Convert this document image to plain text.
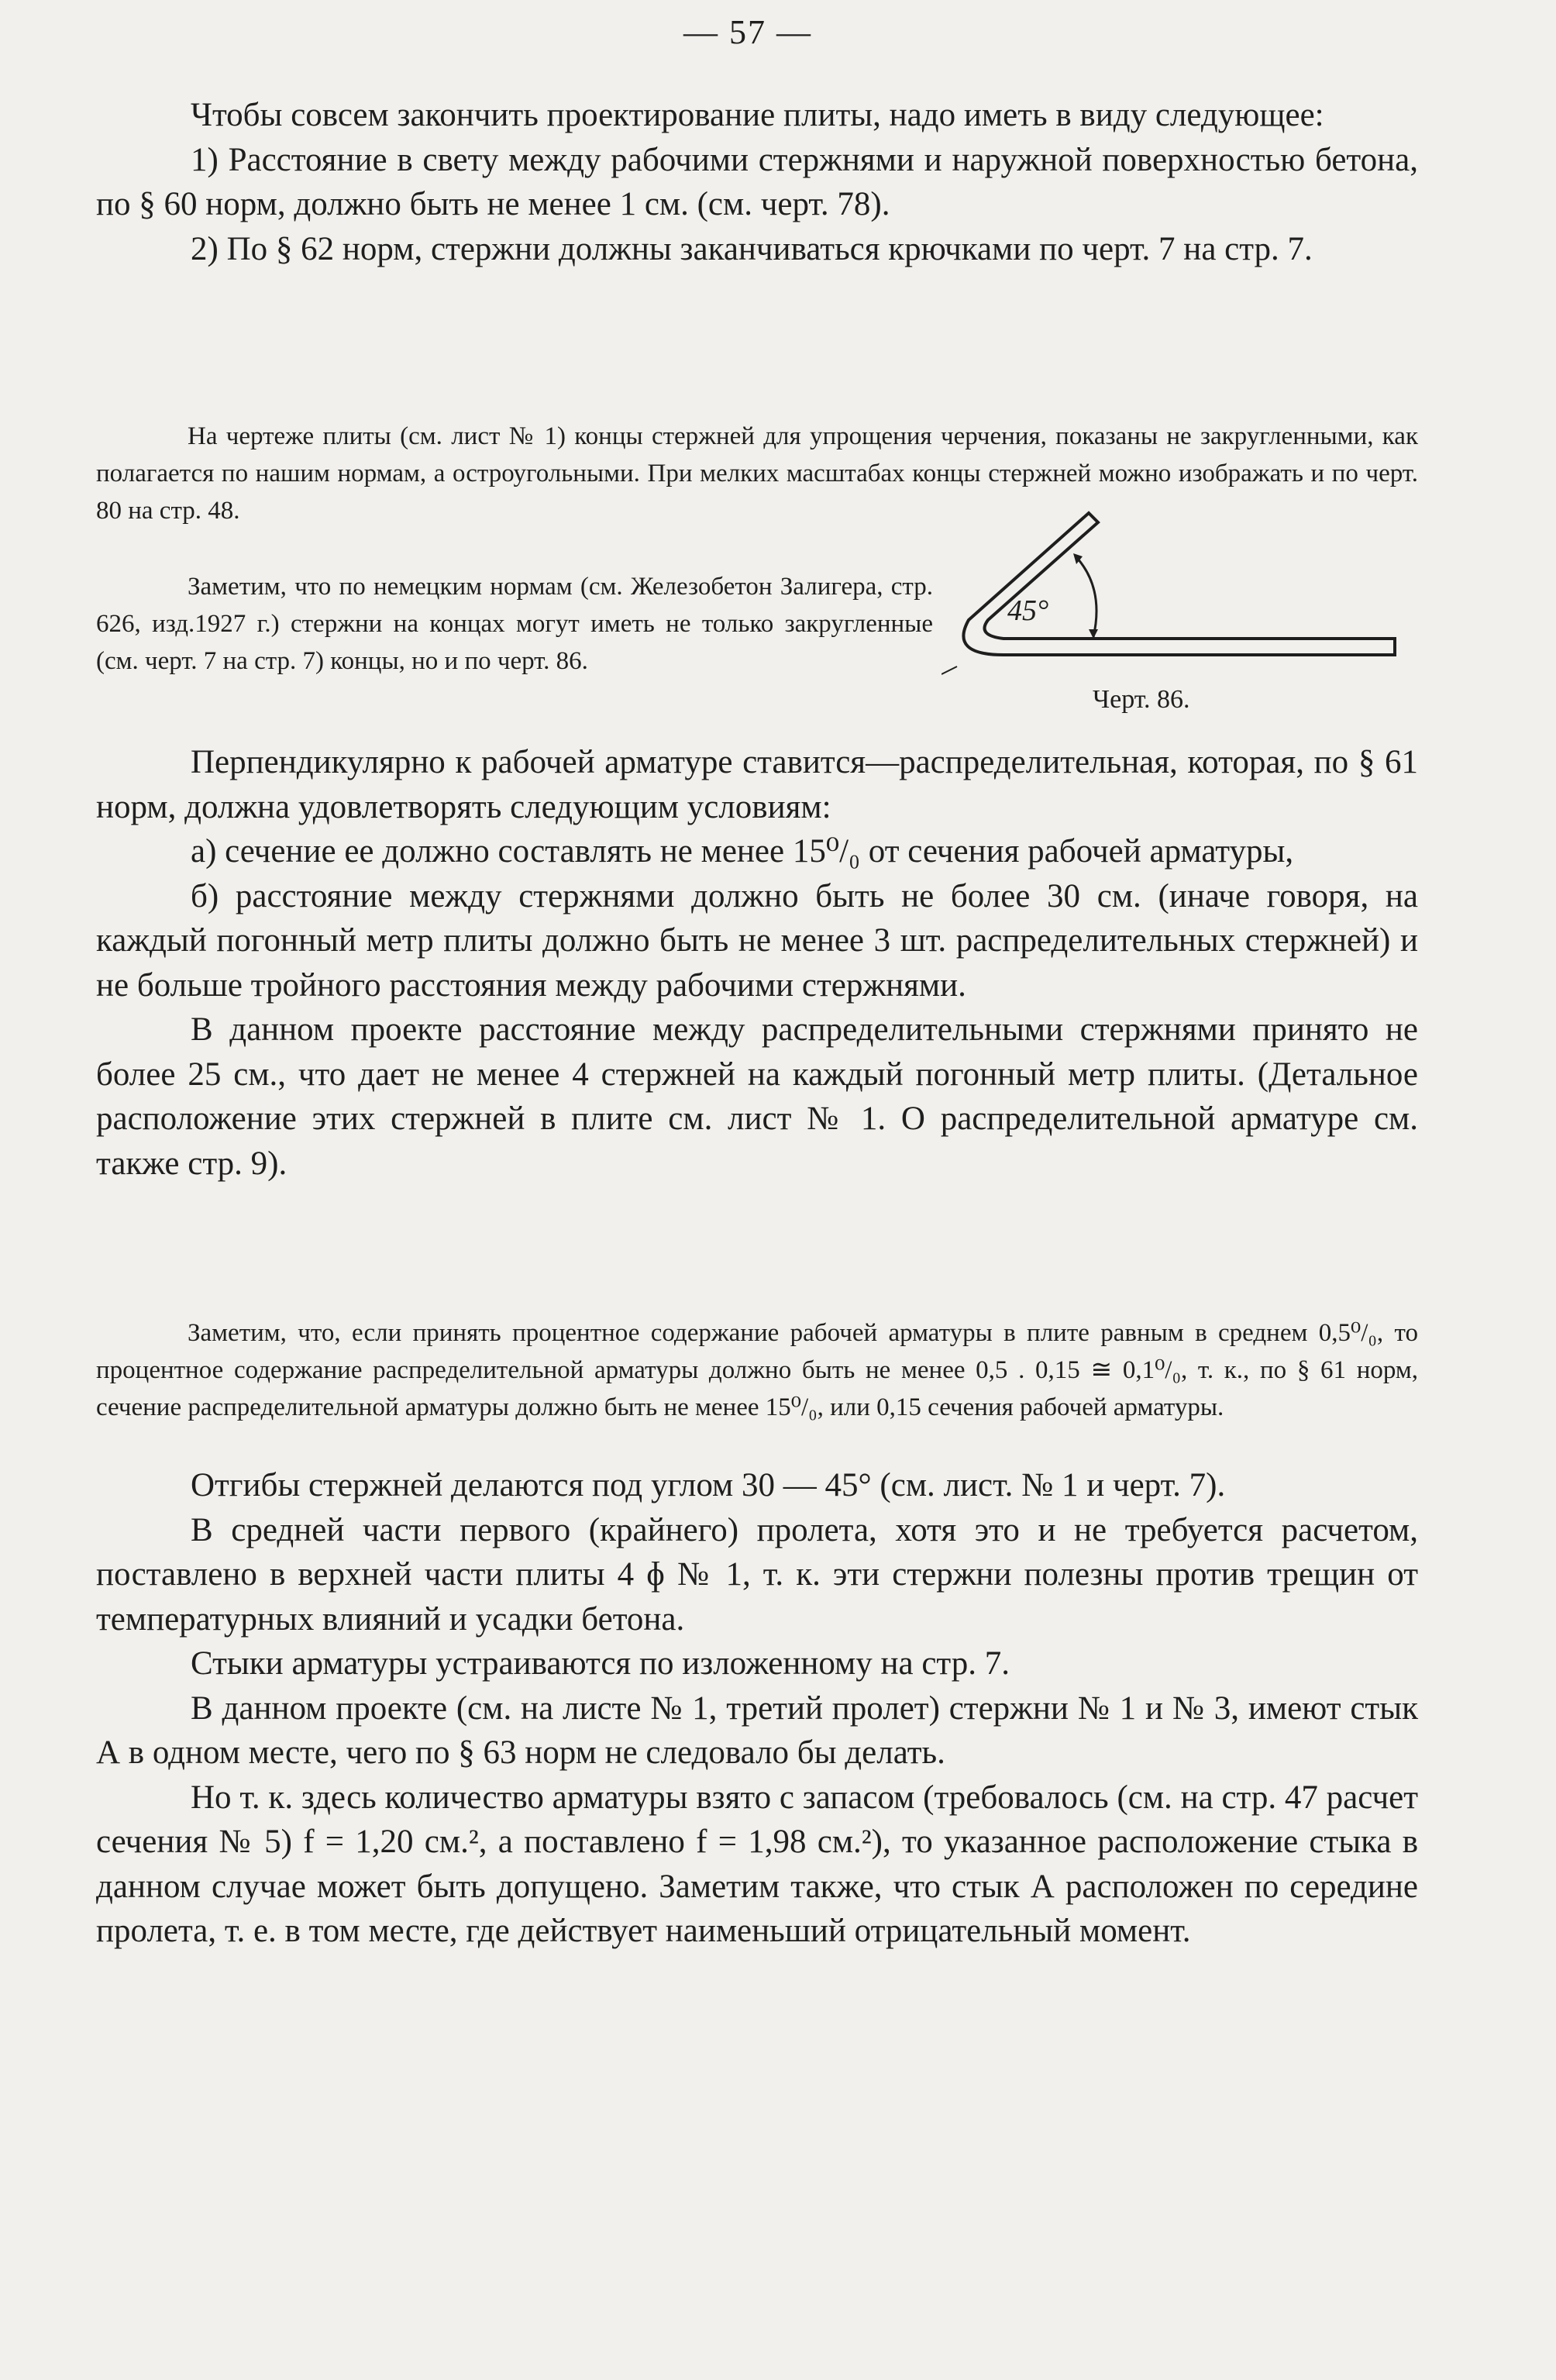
— 57 —

Чтобы совсем закончить проектирование плиты, надо иметь в виду следующее:

1) Расстояние в свету между рабочими стержнями и наружной поверхностью бетона, по § 60 норм, должно быть не менее 1 см. (см. черт. 78).

2) По § 62 норм, стержни должны заканчиваться крючками по черт. 7 на стр. 7.

На чертеже плиты (см. лист № 1) концы стержней для упрощения черчения, показаны не закругленными, как полагается по нашим нормам, а остроугольными. При мелких масштабах концы стержней можно изображать и по черт. 80 на стр. 48.

Заметим, что по немецким нормам (см. Железобетон Залигера, стр. 626, изд.1927 г.) стержни на концах могут иметь не только закругленные (см. черт. 7 на стр. 7) концы, но и по черт. 86.

45°
Черт. 86.

Перпендикулярно к рабочей арматуре ставится—распределительная, которая, по § 61 норм, должна удовлетворять следующим условиям:

а) сечение ее должно составлять не менее 15⁰/₀ от сечения рабочей арматуры,

б) расстояние между стержнями должно быть не более 30 см. (иначе говоря, на каждый погонный метр плиты должно быть не менее 3 шт. распределительных стержней) и не больше тройного расстояния между рабочими стержнями.

В данном проекте расстояние между распределительными стержнями принято не более 25 см., что дает не менее 4 стержней на каждый погонный метр плиты. (Детальное расположение этих стержней в плите см. лист № 1. О распределительной арматуре см. также стр. 9).

Заметим, что, если принять процентное содержание рабочей арматуры в плите равным в среднем 0,5⁰/₀, то процентное содержание распределительной арматуры должно быть не менее 0,5 . 0,15 ≅ 0,1⁰/₀, т. к., по § 61 норм, сечение распределительной арматуры должно быть не менее 15⁰/₀, или 0,15 сечения рабочей арматуры.

Отгибы стержней делаются под углом 30 — 45° (см. лист. № 1 и черт. 7).

В средней части первого (крайнего) пролета, хотя это и не требуется расчетом, поставлено в верхней части плиты 4 ɸ № 1, т. к. эти стержни полезны против трещин от температурных влияний и усадки бетона.

Стыки арматуры устраиваются по изложенному на стр. 7.

В данном проекте (см. на листе № 1, третий пролет) стержни № 1 и № 3, имеют стык А в одном месте, чего по § 63 норм не следовало бы делать.

Но т. к. здесь количество арматуры взято с запасом (требовалось (см. на стр. 47 расчет сечения № 5) f = 1,20 см.², а поставлено f = 1,98 см.²), то указанное расположение стыка в данном случае может быть допущено. Заметим также, что стык А расположен по середине пролета, т. е. в том месте, где действует наименьший отрицательный момент.
